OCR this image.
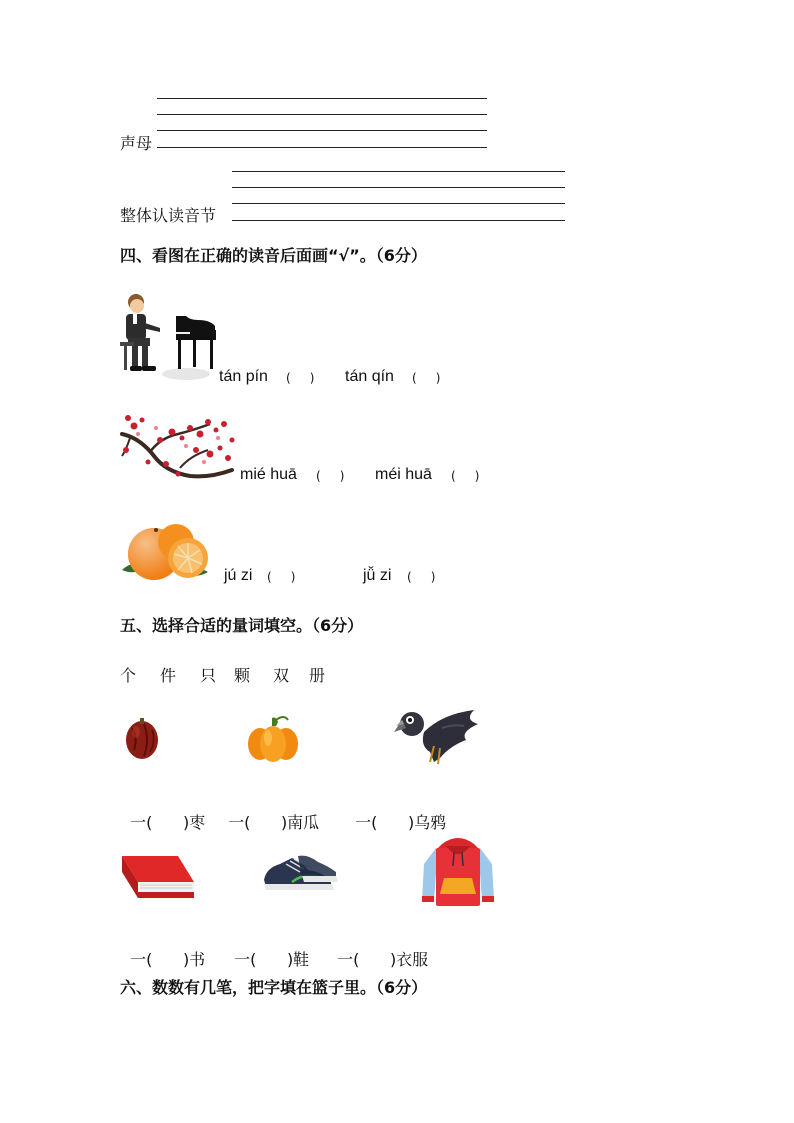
声母
整体认读音节
四、看图在正确的读音后面画“√”。（6分）
tán pín (     ) tán qín (     )
mié huā (     ) méi huā (     )
jú zi (     )	jǚ zi (     )
五、选择合适的量词填空。（6分）
个 件 只 颗 双 册

一( )枣	一( )南瓜	一( )乌鸦

一( )书	一( )鞋	一( )衣服

六、数数有几笔，把字填在篮子里。（6分）
